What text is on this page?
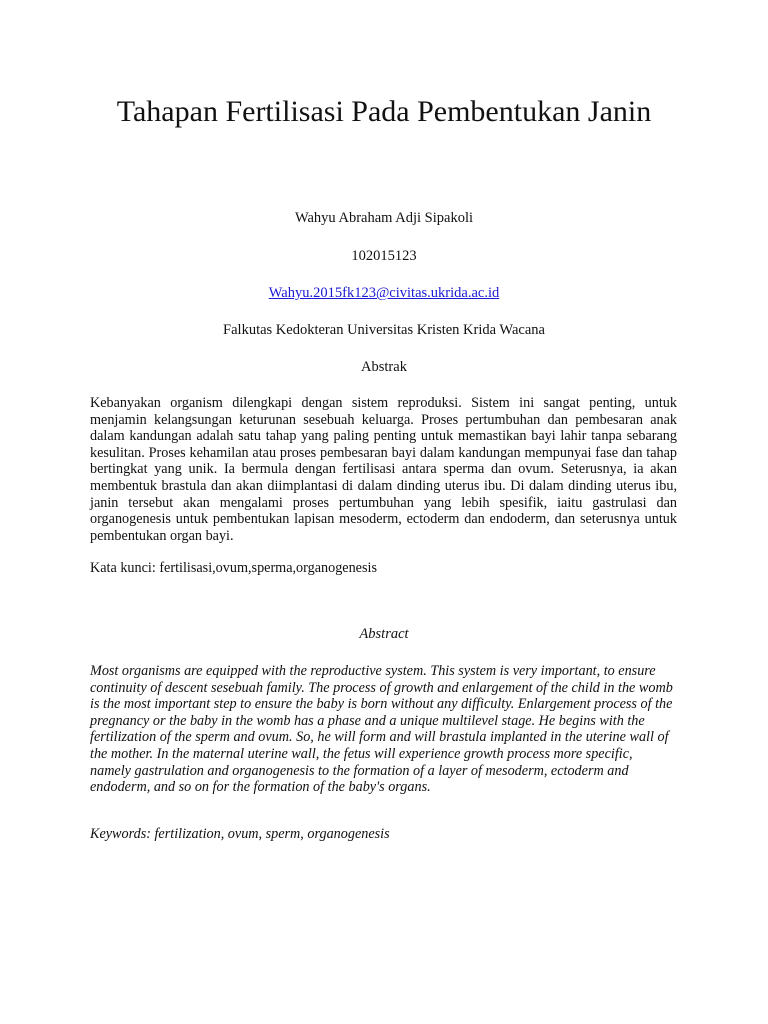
Tahapan Fertilisasi Pada Pembentukan Janin

Wahyu Abraham Adji Sipakoli

102015123

Wahyu.2015fk123@civitas.ukrida.ac.id

Falkutas Kedokteran Universitas Kristen Krida Wacana

Abstrak

Kebanyakan organism dilengkapi dengan sistem reproduksi. Sistem ini sangat penting, untuk menjamin kelangsungan keturunan sesebuah keluarga. Proses pertumbuhan dan pembesaran anak dalam kandungan adalah satu tahap yang paling penting untuk memastikan bayi lahir tanpa sebarang kesulitan. Proses kehamilan atau proses pembesaran bayi dalam kandungan mempunyai fase dan tahap bertingkat yang unik. Ia bermula dengan fertilisasi antara sperma dan ovum. Seterusnya, ia akan membentuk brastula dan akan diimplantasi di dalam dinding uterus ibu. Di dalam dinding uterus ibu, janin tersebut akan mengalami proses pertumbuhan yang lebih spesifik, iaitu gastrulasi dan organogenesis untuk pembentukan lapisan mesoderm, ectoderm dan endoderm, dan seterusnya untuk pembentukan organ bayi.

Kata kunci: fertilisasi,ovum,sperma,organogenesis

Abstract

Most organisms are equipped with the reproductive system. This system is very important, to ensure continuity of descent sesebuah family. The process of growth and enlargement of the child in the womb is the most important step to ensure the baby is born without any difficulty. Enlargement process of the pregnancy or the baby in the womb has a phase and a unique multilevel stage. He begins with the fertilization of the sperm and ovum. So, he will form and will brastula implanted in the uterine wall of the mother. In the maternal uterine wall, the fetus will experience growth process more specific, namely gastrulation and organogenesis to the formation of a layer of mesoderm, ectoderm and endoderm, and so on for the formation of the baby's organs.

Keywords: fertilization, ovum, sperm, organogenesis
